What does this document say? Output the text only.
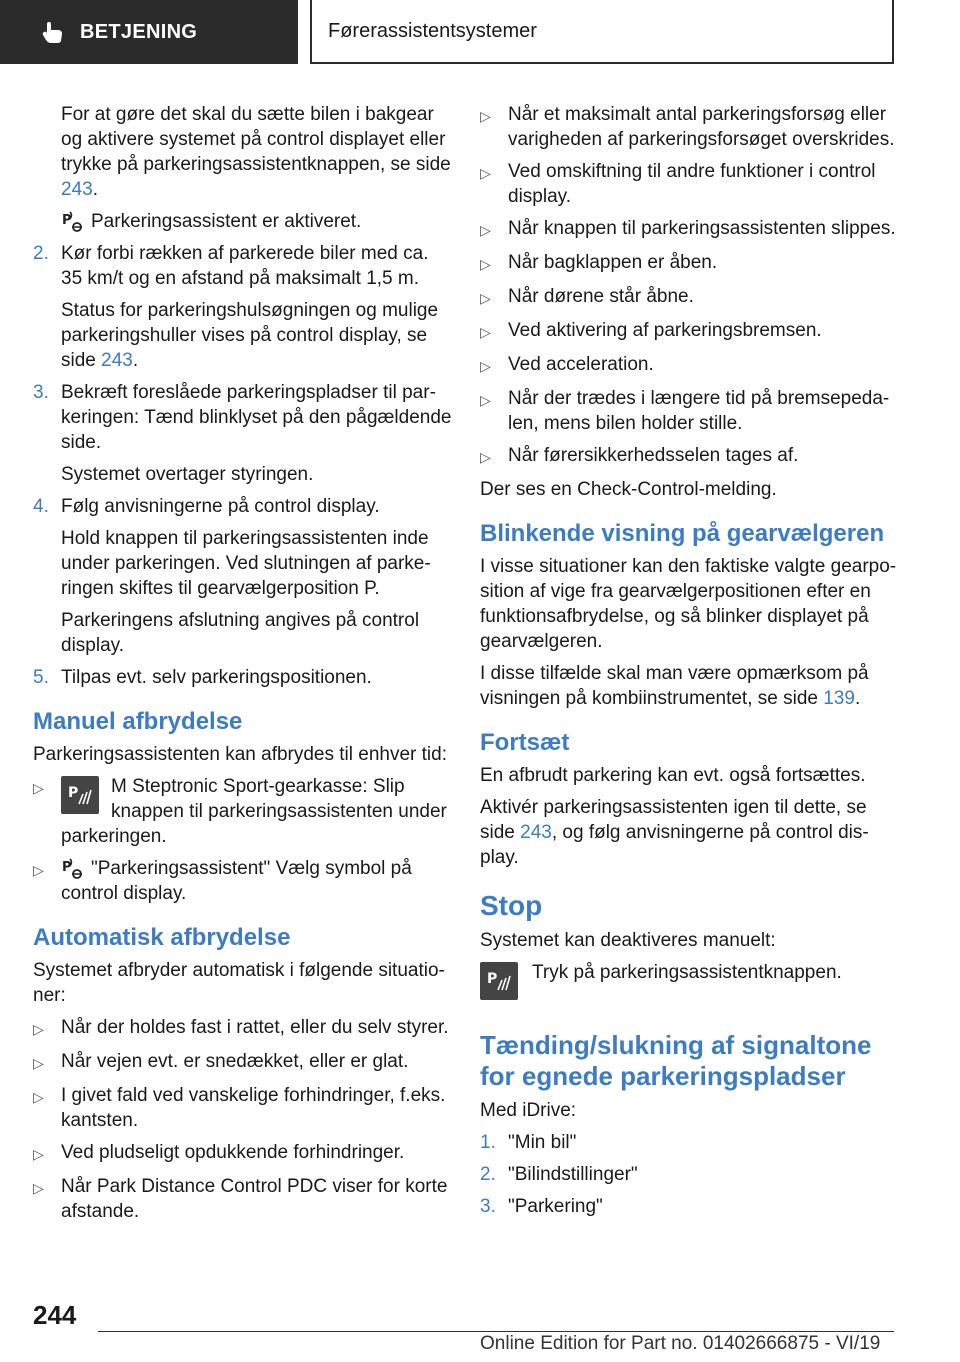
BETJENING	Førerassistentsystemer

For at gøre det skal du sætte bilen i bakgear og aktivere systemet på control displayet eller trykke på parkeringsassistentknappen, se side 243.

P Parkeringsassistent er aktiveret.

2. Kør forbi rækken af parkerede biler med ca. 35 km/t og en afstand på maksimalt 1,5 m.

Status for parkeringshulsøgningen og mulige parkeringshuller vises på control display, se side 243.

3. Bekræft foreslåede parkeringspladser til parkeringen: Tænd blinklyset på den pågældende side.

Systemet overtager styringen.

4. Følg anvisningerne på control display.

Hold knappen til parkeringsassistenten inde under parkeringen. Ved slutningen af parkeringen skiftes til gearvælgerposition P.

Parkeringens afslutning angives på control display.

5. Tilpas evt. selv parkeringspositionen.
Manuel afbrydelse

Parkeringsassistenten kan afbrydes til enhver tid:

▷	P M Steptronic Sport-gearkasse: Slip knappen til parkeringsassistenten under parkeringen.
▷	P "Parkeringsassistent" Vælg symbol på control display.
Automatisk afbrydelse

Systemet afbryder automatisk i følgende situationer:

▷ Når der holdes fast i rattet, eller du selv styrer.
▷ Når vejen evt. er snedækket, eller er glat.
▷ I givet fald ved vanskelige forhindringer, f.eks. kantsten.
▷ Ved pludseligt opdukkende forhindringer.
▷ Når Park Distance Control PDC viser for korte afstande.
▷ Når et maksimalt antal parkeringsforsøg eller varigheden af parkeringsforsøget overskrides.
▷ Ved omskiftning til andre funktioner i control display.
▷ Når knappen til parkeringsassistenten slippes.
▷ Når bagklappen er åben.
▷ Når dørene står åbne.
▷ Ved aktivering af parkeringsbremsen.
▷ Ved acceleration.
▷ Når der trædes i længere tid på bremsepedalen, mens bilen holder stille.
▷ Når førersikkerhedsselen tages af.

Der ses en Check-Control-melding.

Blinkende visning på gearvælgeren

I visse situationer kan den faktiske valgte gearposition af vige fra gearvælgerpositionen efter en funktionsafbrydelse, og så blinker displayet på gearvælgeren.

I disse tilfælde skal man være opmærksom på visningen på kombiinstrumentet, se side 139.

Fortsæt

En afbrudt parkering kan evt. også fortsættes.

Aktivér parkeringsassistenten igen til dette, se side 243, og følg anvisningerne på control display.

Stop

Systemet kan deaktiveres manuelt:

P	Tryk på parkeringsassistentknappen.

Tænding/slukning af signaltone for egnede parkeringspladser

Med iDrive:

1. "Min bil"
2. "Bilindstillinger"
3. "Parkering"
244
Online Edition for Part no. 01402666875 - VI/19
